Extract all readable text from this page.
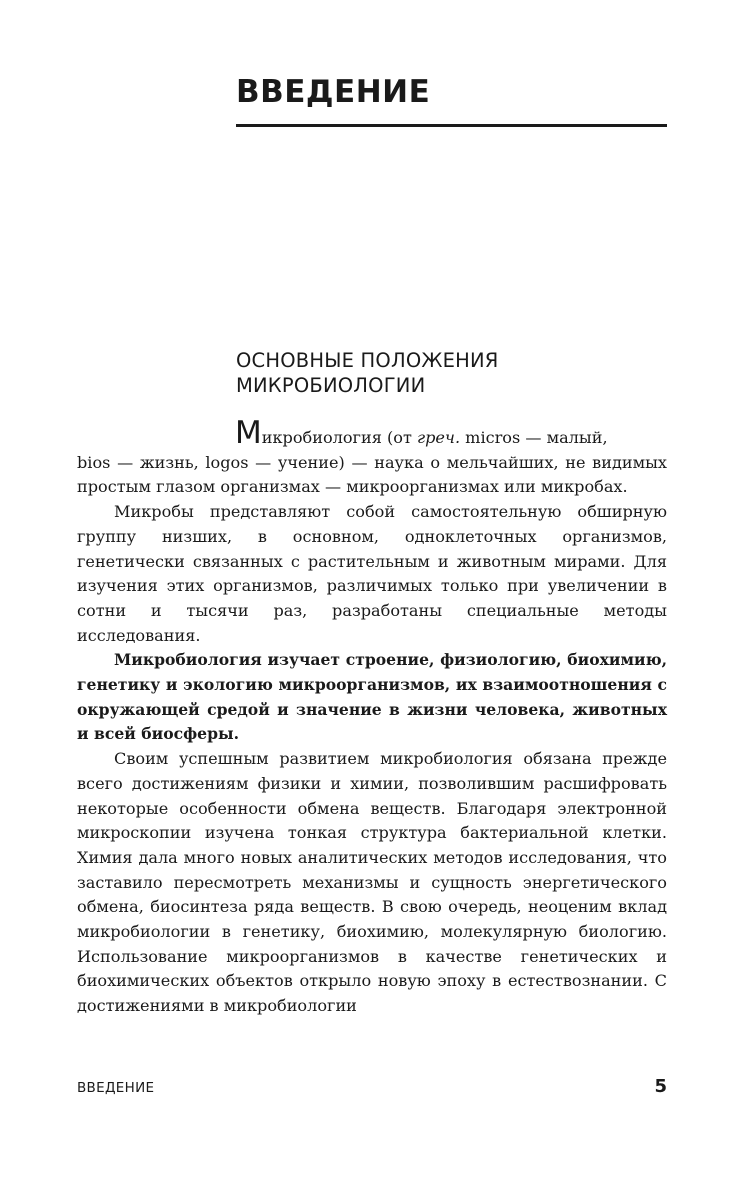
ВВЕДЕНИЕ
ОСНОВНЫЕ ПОЛОЖЕНИЯ
МИКРОБИОЛОГИИ

Микробиология (от греч. micros — малый,

bios — жизнь, logos — учение) — наука о мельчайших, не видимых простым глазом организмах — микроорганизмах или микробах.

Микробы представляют собой самостоятельную обширную группу низших, в основном, одноклеточных организмов, генетически связанных с растительным и животным мирами. Для изучения этих организмов, различимых только при увеличении в сотни и тысячи раз, разработаны специальные методы исследования.

Микробиология изучает строение, физиологию, биохимию, генетику и экологию микроорганизмов, их взаимоотношения с окружающей средой и значение в жизни человека, животных и всей биосферы.

Своим успешным развитием микробиология обязана прежде всего достижениям физики и химии, позволившим расшифровать некоторые особенности обмена веществ. Благодаря электронной микроскопии изучена тонкая структура бактериальной клетки. Химия дала много новых аналитических методов исследования, что заставило пересмотреть механизмы и сущность энергетического обмена, биосинтеза ряда веществ. В свою очередь, неоценим вклад микробиологии в генетику, биохимию, молекулярную биологию. Использование микроорганизмов в качестве генетических и биохимических объектов открыло новую эпоху в естествознании. С достижениями в микробиологии

ВВЕДЕНИЕ	5
